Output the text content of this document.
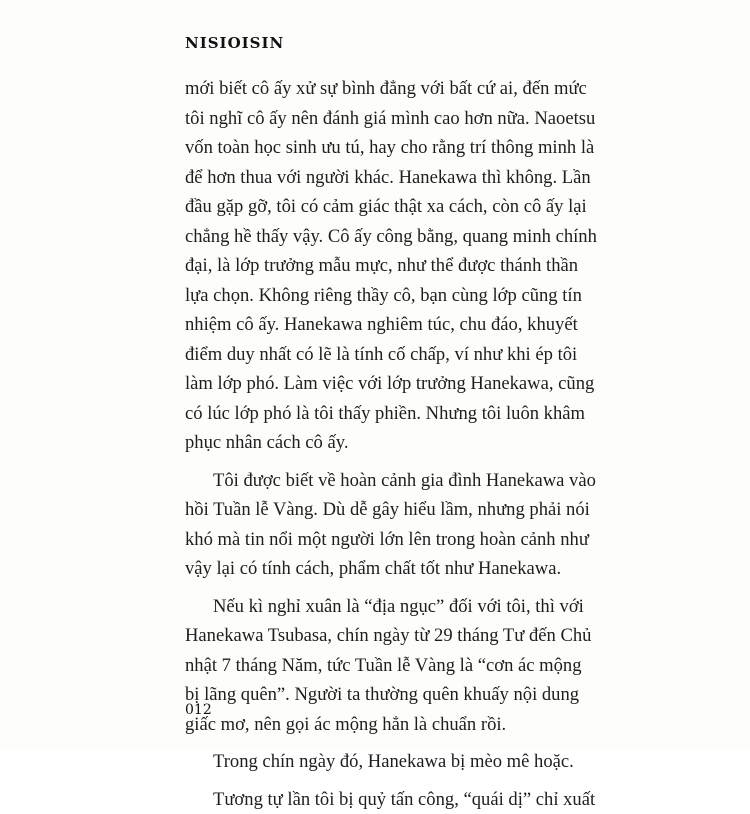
NISIOISIN
mới biết cô ấy xử sự bình đẳng với bất cứ ai, đến mức
tôi nghĩ cô ấy nên đánh giá mình cao hơn nữa. Naoetsu
vốn toàn học sinh ưu tú, hay cho rằng trí thông minh là
để hơn thua với người khác. Hanekawa thì không. Lần
đầu gặp gỡ, tôi có cảm giác thật xa cách, còn cô ấy lại
chẳng hề thấy vậy. Cô ấy công bằng, quang minh chính
đại, là lớp trưởng mẫu mực, như thể được thánh thần
lựa chọn. Không riêng thầy cô, bạn cùng lớp cũng tín
nhiệm cô ấy. Hanekawa nghiêm túc, chu đáo, khuyết
điểm duy nhất có lẽ là tính cố chấp, ví như khi ép tôi
làm lớp phó. Làm việc với lớp trưởng Hanekawa, cũng
có lúc lớp phó là tôi thấy phiền. Nhưng tôi luôn khâm
phục nhân cách cô ấy.
Tôi được biết về hoàn cảnh gia đình Hanekawa vào
hồi Tuần lễ Vàng. Dù dễ gây hiểu lầm, nhưng phải nói
khó mà tin nổi một người lớn lên trong hoàn cảnh như
vậy lại có tính cách, phẩm chất tốt như Hanekawa.
Nếu kì nghỉ xuân là “địa ngục” đối với tôi, thì với
Hanekawa Tsubasa, chín ngày từ 29 tháng Tư đến Chủ
nhật 7 tháng Năm, tức Tuần lễ Vàng là “cơn ác mộng
bị lãng quên”. Người ta thường quên khuấy nội dung
giấc mơ, nên gọi ác mộng hẳn là chuẩn rồi.
Trong chín ngày đó, Hanekawa bị mèo mê hoặc.
Tương tự lần tôi bị quỷ tấn công, “quái dị” chỉ xuất
012
